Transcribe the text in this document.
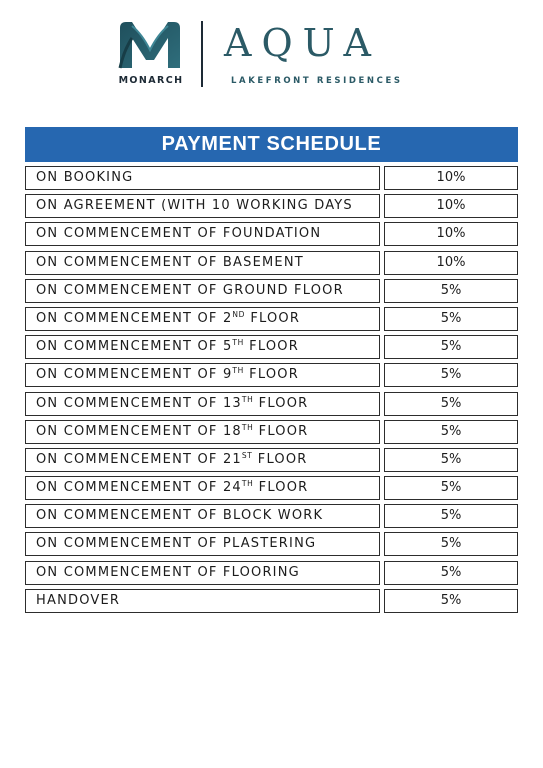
MONARCH
AQUA
LAKEFRONT RESIDENCES
PAYMENT SCHEDULE
ON BOOKING	10%
ON AGREEMENT (WITH 10 WORKING DAYS	10%
ON COMMENCEMENT OF FOUNDATION	10%
ON COMMENCEMENT OF BASEMENT	10%
ON COMMENCEMENT OF GROUND FLOOR	5%
ON COMMENCEMENT OF 2ND FLOOR	5%
ON COMMENCEMENT OF 5TH FLOOR	5%
ON COMMENCEMENT OF 9TH FLOOR	5%
ON COMMENCEMENT OF 13TH FLOOR	5%
ON COMMENCEMENT OF 18TH FLOOR	5%
ON COMMENCEMENT OF 21ST FLOOR	5%
ON COMMENCEMENT OF 24TH FLOOR	5%
ON COMMENCEMENT OF BLOCK WORK	5%
ON COMMENCEMENT OF PLASTERING	5%
ON COMMENCEMENT OF FLOORING	5%
HANDOVER	5%
